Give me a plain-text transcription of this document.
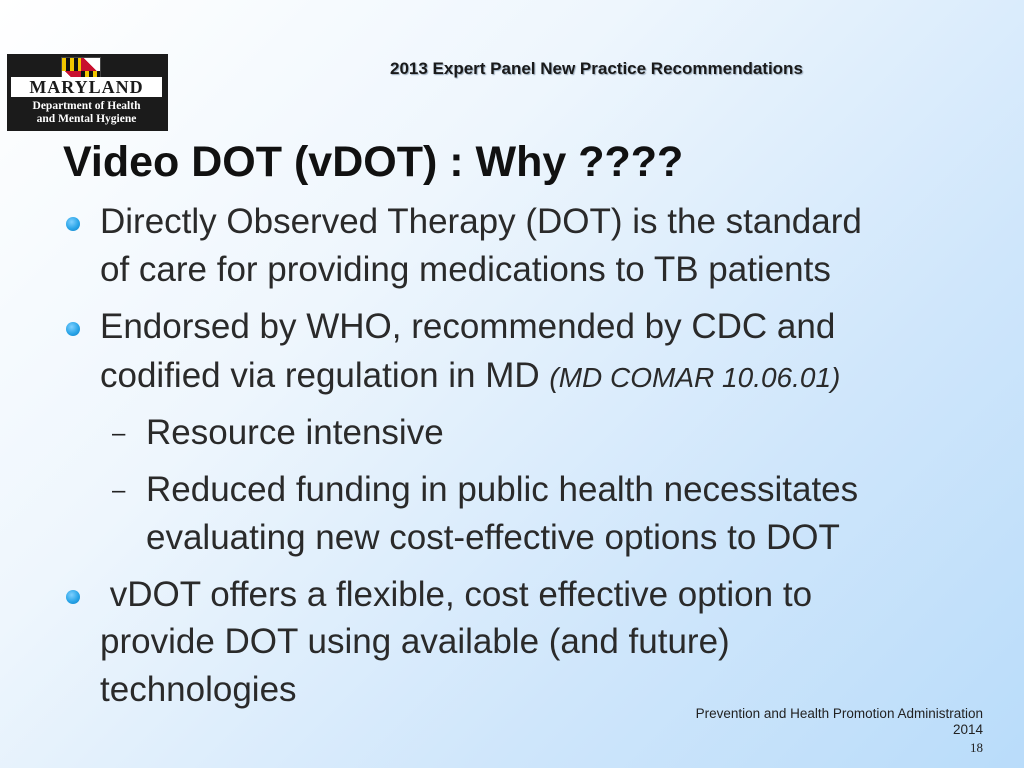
MARYLAND
Department of Health
and Mental Hygiene
2013 Expert Panel New Practice Recommendations
Video DOT (vDOT) : Why ????
Directly Observed Therapy (DOT) is the standard
of care for providing medications to TB patients
Endorsed by WHO, recommended by CDC and
codified via regulation in MD (MD COMAR 10.06.01)
– Resource intensive
– Reduced funding in public health necessitates
evaluating new cost-effective options to DOT
vDOT offers a flexible, cost effective option to
provide DOT using available (and future)
technologies
Prevention and Health Promotion Administration
2014
18
